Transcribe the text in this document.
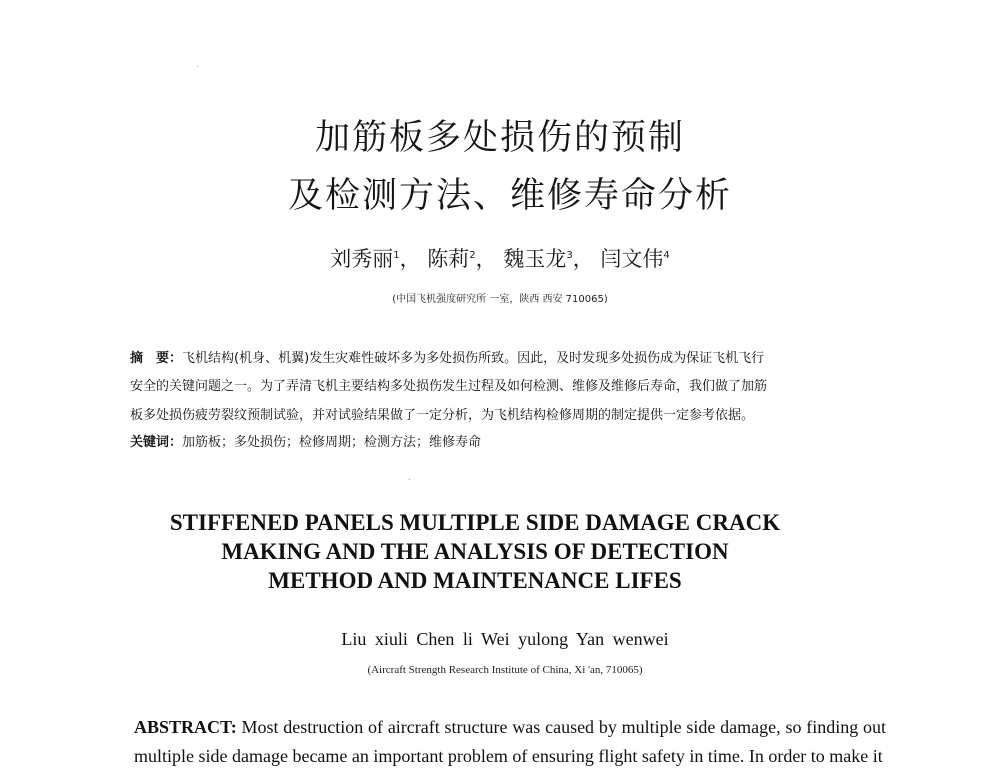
加筋板多处损伤的预制
及检测方法、维修寿命分析
刘秀丽$^1$， 陈莉$^2$， 魏玉龙$^3$， 闫文伟$^4$
(中国飞机强度研究所 一室，陕西 西安 710065)
摘　要：飞机结构(机身、机翼)发生灾难性破坏多为多处损伤所致。因此，及时发现多处损伤成为保证飞机飞行
安全的关键问题之一。为了弄清飞机主要结构多处损伤发生过程及如何检测、维修及维修后寿命，我们做了加筋
板多处损伤疲劳裂纹预制试验，并对试验结果做了一定分析，为飞机结构检修周期的制定提供一定参考依据。
关键词：加筋板；多处损伤；检修周期；检测方法；维修寿命
STIFFENED PANELS MULTIPLE SIDE DAMAGE CRACK
MAKING AND THE ANALYSIS OF DETECTION
METHOD AND MAINTENANCE LIFES
Liu xiuli Chen li Wei yulong Yan wenwei
(Aircraft Strength Research Institute of China, Xi 'an, 710065)
ABSTRACT: Most destruction of aircraft structure was caused by multiple side damage, so finding out multiple side damage became an important problem of ensuring flight safety in time. In order to make it
